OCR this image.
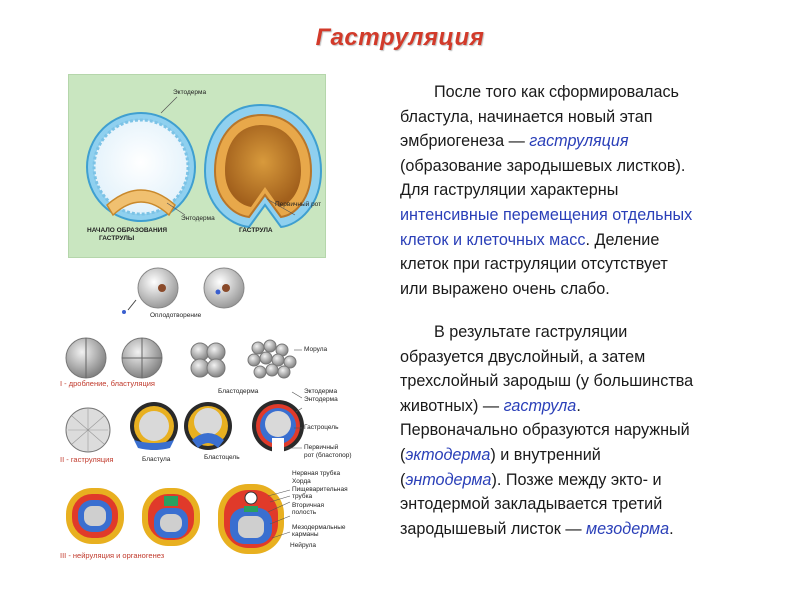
Гаструляция
После того как сформировалась
бластула, начинается новый этап
эмбриогенеза — гаструляция
(образование зародышевых листков).
Для гаструляции характерны
интенсивные перемещения отдельных
клеток и клеточных масс. Деление
клеток при гаструляции отсутствует
или выражено очень слабо.
В результате гаструляции
образуется двуслойный, а затем
трехслойный зародыш (у большинства
животных) — гаструла.
Первоначально образуются наружный
(эктодерма) и внутренний
(энтодерма). Позже между экто- и
энтодермой закладывается третий
зародышевый листок — мезодерма.
Эктодерма
Энтодерма
Первичный рот
НАЧАЛО ОБРАЗОВАНИЯ
ГАСТРУЛЫ
ГАСТРУЛА
Оплодотворение
Морула
I - дробление, бластуляция
Бластодерма	Эктодерма
Энтодерма
Гастроцель
Первичный
рот (бластопор)
Бластоцель
II - гаструляция	Бластула
Нервная трубка
Хорда
Пищеварительная
трубка
Вторичная
полость
Мезодермальные
карманы
Нейрула
III - нейруляция и органогенез
